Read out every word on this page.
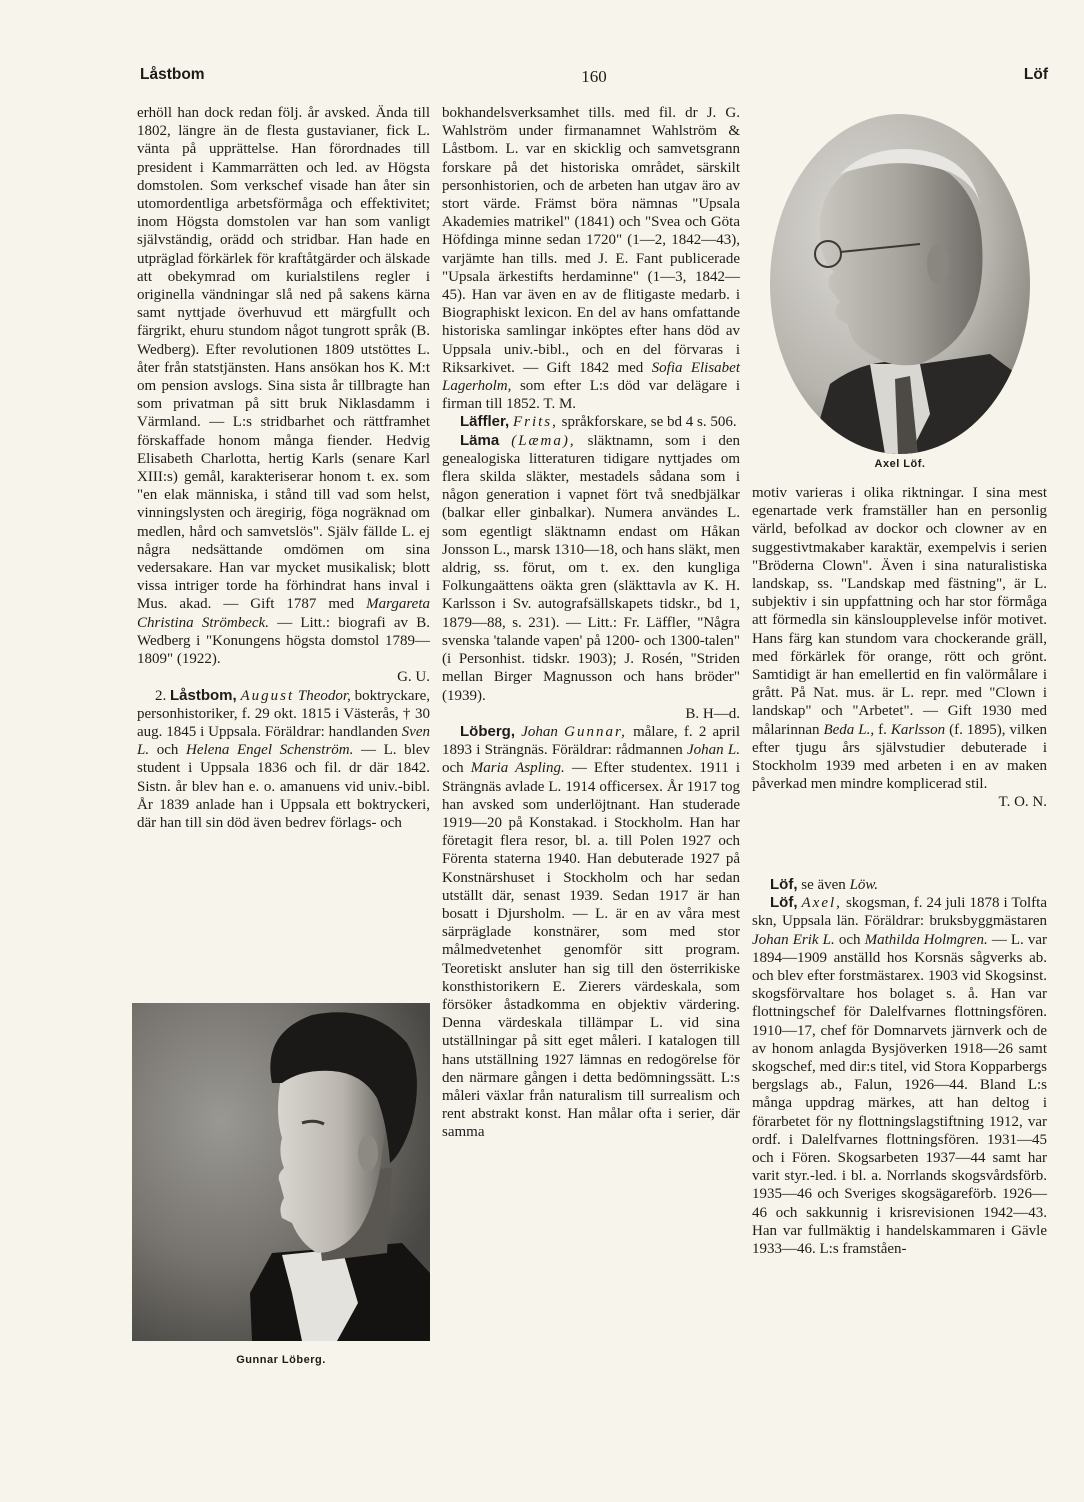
Låstbom	160	Löf

erhöll han dock redan följ. år avsked. Ända till 1802, längre än de flesta gustavianer, fick L. vänta på upprättelse. Han förordnades till president i Kammarrätten och led. av Högsta domstolen. Som verkschef visade han åter sin utomordentliga arbetsförmåga och effektivitet; inom Högsta domstolen var han som vanligt självständig, orädd och stridbar. Han hade en utpräglad förkärlek för kraftåtgärder och älskade att obekymrad om kurialstilens regler i originella vändningar slå ned på sakens kärna samt nyttjade överhuvud ett märgfullt och färgrikt, ehuru stundom något tungrott språk (B. Wedberg). Efter revolutionen 1809 utstöttes L. åter från statstjänsten. Hans ansökan hos K. M:t om pension avslogs. Sina sista år tillbragte han som privatman på sitt bruk Niklasdamm i Värmland. — L:s stridbarhet och rättframhet förskaffade honom många fiender. Hedvig Elisabeth Charlotta, hertig Karls (senare Karl XIII:s) gemål, karakteriserar honom t. ex. som "en elak människa, i stånd till vad som helst, vinningslysten och äregirig, föga nogräknad om medlen, hård och samvetslös". Själv fällde L. ej några nedsättande omdömen om sina vedersakare. Han var mycket musikalisk; blott vissa intriger torde ha förhindrat hans inval i Mus. akad. — Gift 1787 med Margareta Christina Strömbeck. — Litt.: biografi av B. Wedberg i "Konungens högsta domstol 1789—1809" (1922).

G. U.

2. Låstbom, August Theodor, boktryckare, personhistoriker, f. 29 okt. 1815 i Västerås, † 30 aug. 1845 i Uppsala. Föräldrar: handlanden Sven L. och Helena Engel Schenström. — L. blev student i Uppsala 1836 och fil. dr där 1842. Sistn. år blev han e. o. amanuens vid univ.-bibl. År 1839 anlade han i Uppsala ett boktryckeri, där han till sin död även bedrev förlags- och

Gunnar Löberg.

bokhandelsverksamhet tills. med fil. dr J. G. Wahlström under firmanamnet Wahlström & Låstbom. L. var en skicklig och samvetsgrann forskare på det historiska området, särskilt personhistorien, och de arbeten han utgav äro av stort värde. Främst böra nämnas "Upsala Akademies matrikel" (1841) och "Svea och Göta Höfdinga minne sedan 1720" (1—2, 1842—43), varjämte han tills. med J. E. Fant publicerade "Upsala ärkestifts herdaminne" (1—3, 1842—45). Han var även en av de flitigaste medarb. i Biographiskt lexicon. En del av hans omfattande historiska samlingar inköptes efter hans död av Uppsala univ.-bibl., och en del förvaras i Riksarkivet. — Gift 1842 med Sofia Elisabet Lagerholm, som efter L:s död var delägare i firman till 1852. T. M.

Läffler, Frits, språkforskare, se bd 4 s. 506.

Läma (Læma), släktnamn, som i den genealogiska litteraturen tidigare nyttjades om flera skilda släkter, mestadels sådana som i någon generation i vapnet fört två snedbjälkar (balkar eller ginbalkar). Numera användes L. som egentligt släktnamn endast om Håkan Jonsson L., marsk 1310—18, och hans släkt, men aldrig, ss. förut, om t. ex. den kungliga Folkungaättens oäkta gren (släkttavla av K. H. Karlsson i Sv. autografsällskapets tidskr., bd 1, 1879—88, s. 231). — Litt.: Fr. Läffler, "Några svenska 'talande vapen' på 1200- och 1300-talen" (i Personhist. tidskr. 1903); J. Rosén, "Striden mellan Birger Magnusson och hans bröder" (1939).

B. H—d.

Löberg, Johan Gunnar, målare, f. 2 april 1893 i Strängnäs. Föräldrar: rådmannen Johan L. och Maria Aspling. — Efter studentex. 1911 i Strängnäs avlade L. 1914 officersex. År 1917 tog han avsked som underlöjtnant. Han studerade 1919—20 på Konstakad. i Stockholm. Han har företagit flera resor, bl. a. till Polen 1927 och Förenta staterna 1940. Han debuterade 1927 på Konstnärshuset i Stockholm och har sedan utställt där, senast 1939. Sedan 1917 är han bosatt i Djursholm. — L. är en av våra mest särpräglade konstnärer, som med stor målmedvetenhet genomför sitt program. Teoretiskt ansluter han sig till den österrikiske konsthistorikern E. Zierers värdeskala, som försöker åstadkomma en objektiv värdering. Denna värdeskala tillämpar L. vid sina utställningar på sitt eget måleri. I katalogen till hans utställning 1927 lämnas en redogörelse för den närmare gången i detta bedömningssätt. L:s måleri växlar från naturalism till surrealism och rent abstrakt konst. Han målar ofta i serier, där samma

Axel Löf.

motiv varieras i olika riktningar. I sina mest egenartade verk framställer han en personlig värld, befolkad av dockor och clowner av en suggestivtmakaber karaktär, exempelvis i serien "Bröderna Clown". Även i sina naturalistiska landskap, ss. "Landskap med fästning", är L. subjektiv i sin uppfattning och har stor förmåga att förmedla sin känsloupplevelse inför motivet. Hans färg kan stundom vara chockerande gräll, med förkärlek för orange, rött och grönt. Samtidigt är han emellertid en fin valörmålare i grått. På Nat. mus. är L. repr. med "Clown i landskap" och "Arbetet". — Gift 1930 med målarinnan Beda L., f. Karlsson (f. 1895), vilken efter tjugu års självstudier debuterade i Stockholm 1939 med arbeten i en av maken påverkad men mindre komplicerad stil.

T. O. N.

Löf, se även Löw.

Löf, Axel, skogsman, f. 24 juli 1878 i Tolfta skn, Uppsala län. Föräldrar: bruksbyggmästaren Johan Erik L. och Mathilda Holmgren. — L. var 1894—1909 anställd hos Korsnäs sågverks ab. och blev efter forstmästarex. 1903 vid Skogsinst. skogsförvaltare hos bolaget s. å. Han var flottningschef för Dalelfvarnes flottningsfören. 1910—17, chef för Domnarvets järnverk och de av honom anlagda Bysjöverken 1918—26 samt skogschef, med dir:s titel, vid Stora Kopparbergs bergslags ab., Falun, 1926—44. Bland L:s många uppdrag märkes, att han deltog i förarbetet för ny flottningslagstiftning 1912, var ordf. i Dalelfvarnes flottningsfören. 1931—45 och i Fören. Skogsarbeten 1937—44 samt har varit styr.-led. i bl. a. Norrlands skogsvårdsförb. 1935—46 och Sveriges skogsägareförb. 1926—46 och sakkunnig i krisrevisionen 1942—43. Han var fullmäktig i handelskammaren i Gävle 1933—46. L:s framståen-
